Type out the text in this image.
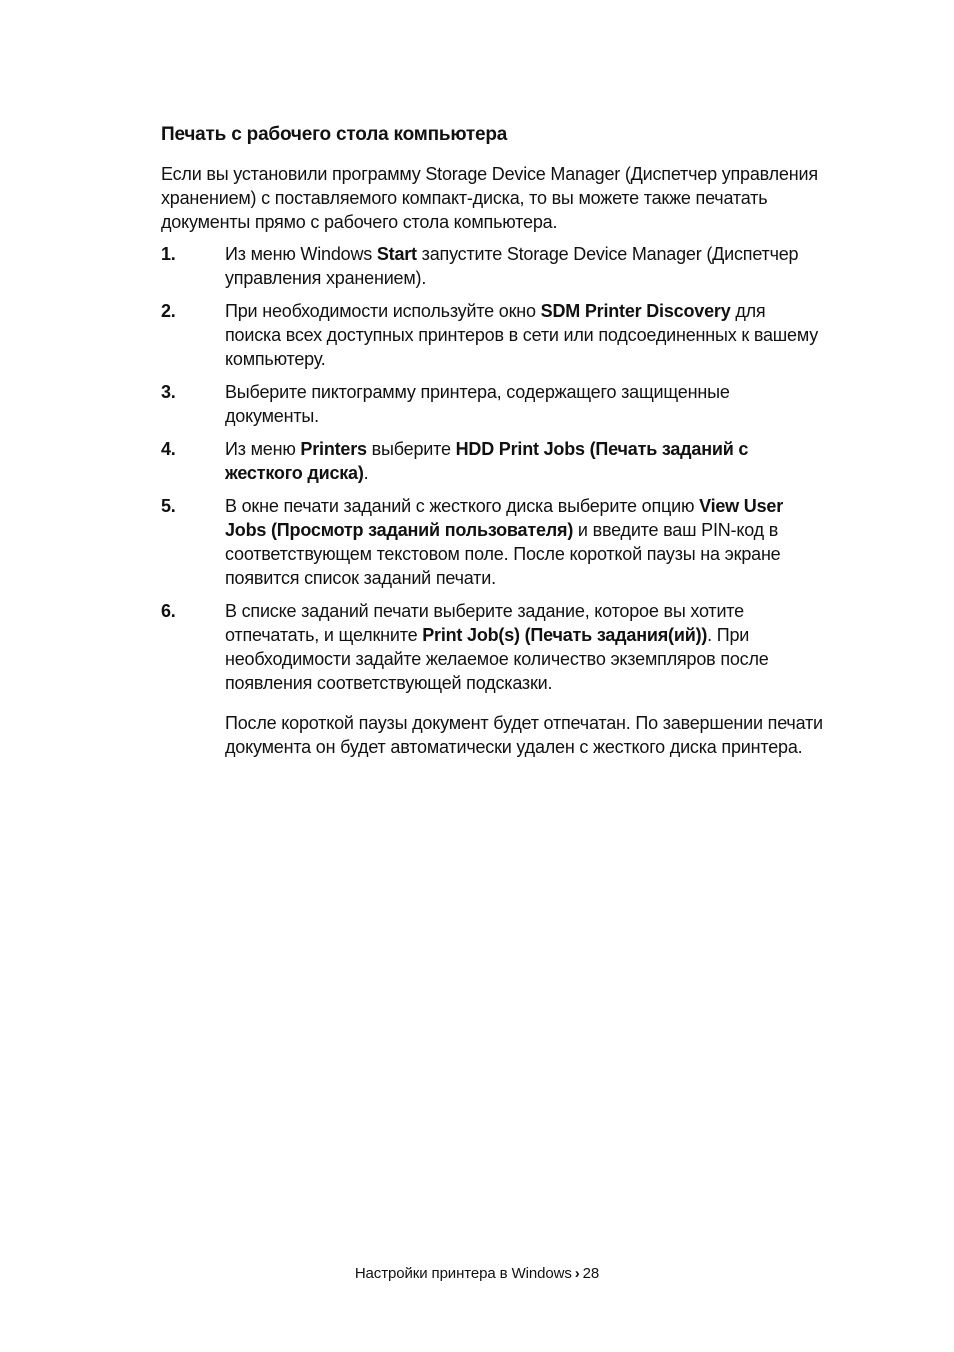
Печать с рабочего стола компьютера

Если вы установили программу Storage Device Manager (Диспетчер управления хранением) с поставляемого компакт-диска, то вы можете также печатать документы прямо с рабочего стола компьютера.

1.	Из меню Windows Start запустите Storage Device Manager (Диспетчер управления хранением).
2.	При необходимости используйте окно SDM Printer Discovery для поиска всех доступных принтеров в сети или подсоединенных к вашему компьютеру.
3.	Выберите пиктограмму принтера, содержащего защищенные документы.
4.	Из меню Printers выберите HDD Print Jobs (Печать заданий с жесткого диска).
5.	В окне печати заданий с жесткого диска выберите опцию View User Jobs (Просмотр заданий пользователя) и введите ваш PIN-код в соответствующем текстовом поле. После короткой паузы на экране появится список заданий печати.
6.	В списке заданий печати выберите задание, которое вы хотите отпечатать, и щелкните Print Job(s) (Печать задания(ий)). При необходимости задайте желаемое количество экземпляров после появления соответствующей подсказки.

После короткой паузы документ будет отпечатан. По завершении печати документа он будет автоматически удален с жесткого диска принтера.

Настройки принтера в Windows › 28
